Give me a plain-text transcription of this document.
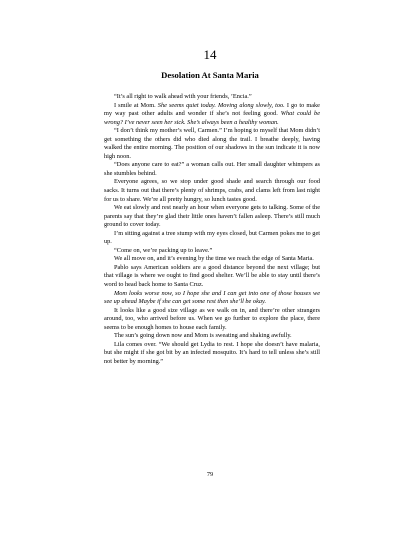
14
Desolation At Santa Maria

“It’s all right to walk ahead with your friends, ’Encia.”

I smile at Mom. She seems quiet today. Moving along slowly, too. I go to make my way past other adults and wonder if she’s not feeling good. What could be wrong? I’ve never seen her sick. She’s always been a healthy woman.

“I don’t think my mother’s well, Carmen.” I’m hoping to myself that Mom didn’t get something the others did who died along the trail. I breathe deeply, having walked the entire morning. The position of our shadows in the sun indicate it is now high noon.

“Does anyone care to eat?” a woman calls out. Her small daughter whimpers as she stumbles behind.

Everyone agrees, so we stop under good shade and search through our food sacks. It turns out that there’s plenty of shrimps, crabs, and clams left from last night for us to share. We’re all pretty hungry, so lunch tastes good.

We eat slowly and rest nearly an hour when everyone gets to talking. Some of the parents say that they’re glad their little ones haven’t fallen asleep. There’s still much ground to cover today.

I’m sitting against a tree stump with my eyes closed, but Carmen pokes me to get up.

“Come on, we’re packing up to leave.”

We all move on, and it’s evening by the time we reach the edge of Santa Maria.

Pablo says American soldiers are a good distance beyond the next village; but that village is where we ought to find good shelter. We’ll be able to stay until there’s word to head back home to Santa Cruz.

Mom looks worse now, so I hope she and I can get into one of those houses we see up ahead Maybe if she can get some rest then she’ll be okay.

It looks like a good size village as we walk on in, and there’re other strangers around, too, who arrived before us. When we go further to explore the place, there seems to be enough homes to house each family.

The sun’s going down now and Mom is sweating and shaking awfully.

Lila comes over. “We should get Lydia to rest. I hope she doesn’t have malaria, but she might if she got bit by an infected mosquito. It’s hard to tell unless she’s still not better by morning.”

79
